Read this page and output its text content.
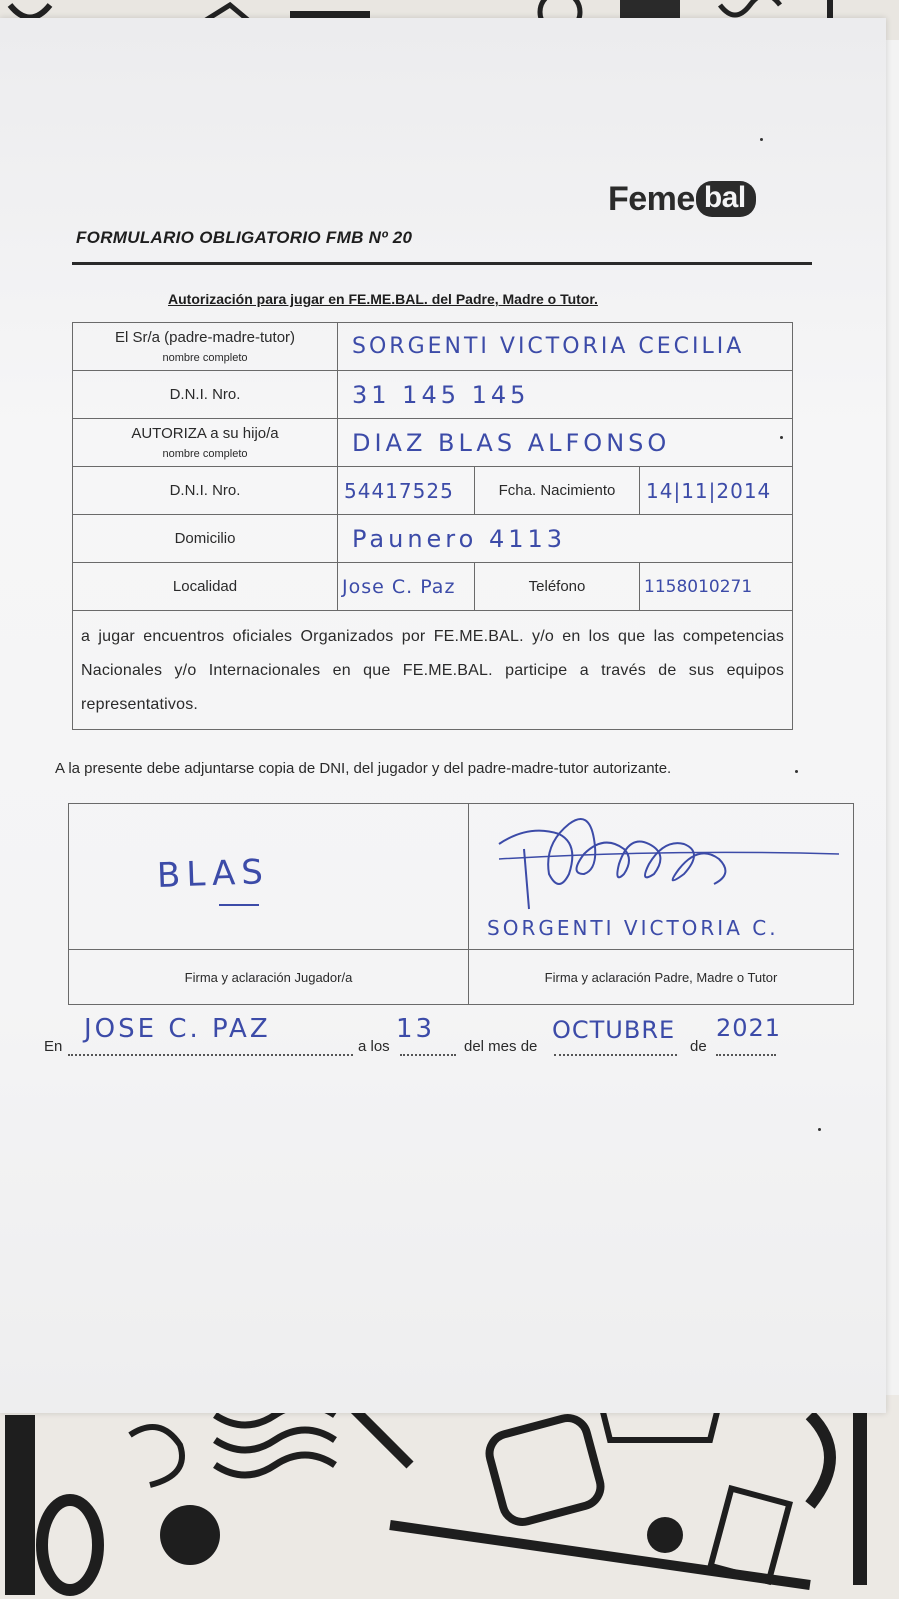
Feme bal
FORMULARIO OBLIGATORIO FMB Nº 20
Autorización para jugar en FE.ME.BAL. del Padre, Madre o Tutor.
El Sr/a (padre-madre-tutor)
nombre completo	SORGENTI VICTORIA CECILIA		
D.N.I. Nro.	31 145 145		
AUTORIZA a su hijo/a
nombre completo	DIAZ BLAS ALFONSO		
D.N.I. Nro.	54417525	Fcha. Nacimiento	14|11|2014
Domicilio	Paunero 4113		
Localidad	Jose C. Paz	Teléfono	1158010271
a jugar encuentros oficiales Organizados por FE.ME.BAL. y/o en los que las competencias Nacionales y/o Internacionales en que FE.ME.BAL. participe a través de sus equipos representativos.			
A la presente debe adjuntarse copia de DNI, del jugador y del padre-madre-tutor autorizante.
BLAS	SORGENTI VICTORIA C.

Firma y aclaración Jugador/a	Firma y aclaración Padre, Madre o Tutor
En
JOSE C. PAZ
a los
13
del mes de
OCTUBRE
de
2021
